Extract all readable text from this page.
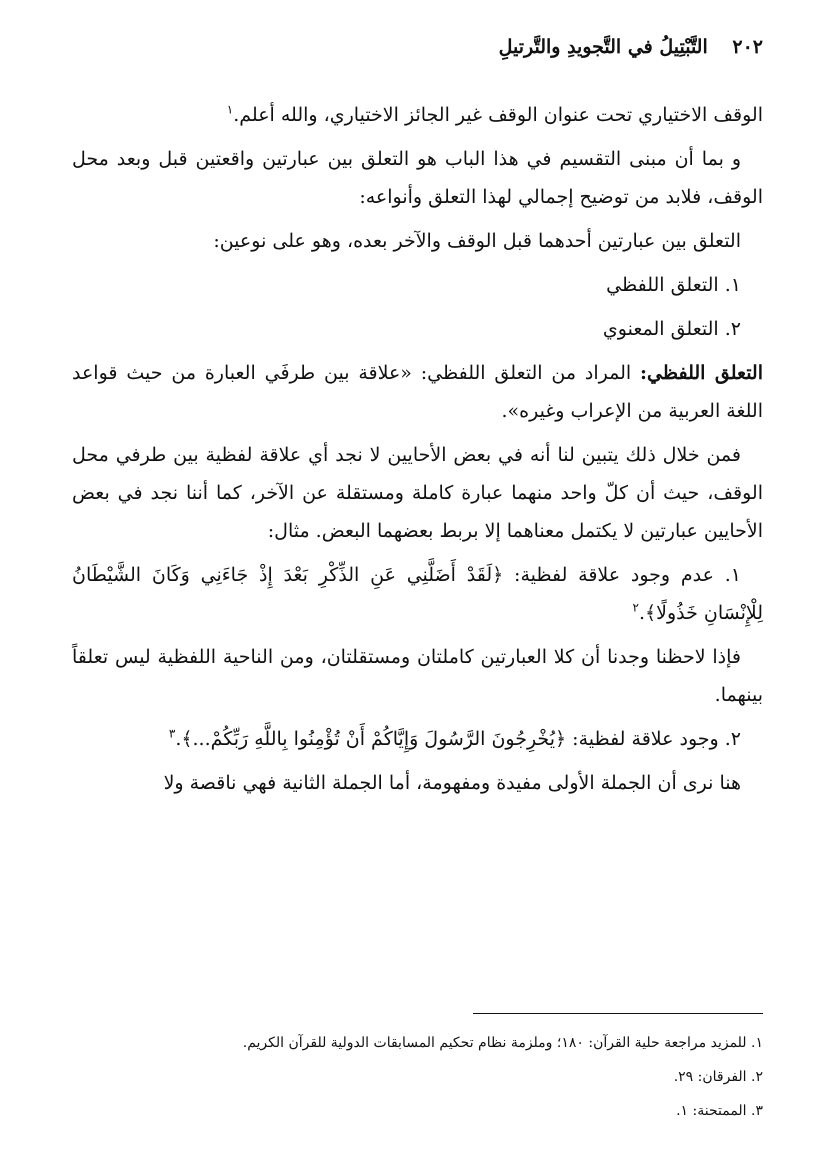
٢٠٢ التَّبْتِيلُ في التَّجويدِ والتَّرتيلِ

الوقف الاختياري تحت عنوان الوقف غير الجائز الاختياري، والله أعلم.$^١$

و بما أن مبنى التقسيم في هذا الباب هو التعلق بين عبارتين واقعتين قبل وبعد محل الوقف، فلابد من توضيح إجمالي لهذا التعلق وأنواعه:

التعلق بين عبارتين أحدهما قبل الوقف والآخر بعده، وهو على نوعين:

١. التعلق اللفظي

٢. التعلق المعنوي

التعلق اللفظي: المراد من التعلق اللفظي: «علاقة بين طرفَي العبارة من حيث قواعد اللغة العربية من الإعراب وغيره».

فمن خلال ذلك يتبين لنا أنه في بعض الأحايين لا نجد أي علاقة لفظية بين طرفي محل الوقف، حيث أن كلّ واحد منهما عبارة كاملة ومستقلة عن الآخر، كما أننا نجد في بعض الأحايين عبارتين لا يكتمل معناهما إلا بربط بعضهما البعض. مثال:

١. عدم وجود علاقة لفظية: ﴿لَقَدْ أَضَلَّنِي عَنِ الذِّكْرِ بَعْدَ إِذْ جَاءَنِي وَكَانَ الشَّيْطَانُ لِلْإِنْسَانِ خَذُولًا﴾.$^٢$

فإذا لاحظنا وجدنا أن كلا العبارتين كاملتان ومستقلتان، ومن الناحية اللفظية ليس تعلقاً بينهما.

٢. وجود علاقة لفظية: ﴿يُخْرِجُونَ الرَّسُولَ وَإِيَّاكُمْ أَنْ تُؤْمِنُوا بِاللَّهِ رَبِّكُمْ...﴾.$^٣$

هنا نرى أن الجملة الأولى مفيدة ومفهومة، أما الجملة الثانية فهي ناقصة ولا

١. للمزيد مراجعة حلية القرآن: ١٨٠؛ وملزمة نظام تحكيم المسابقات الدولية للقرآن الكريم.
٢. الفرقان: ٢٩.
٣. الممتحنة: ١.
